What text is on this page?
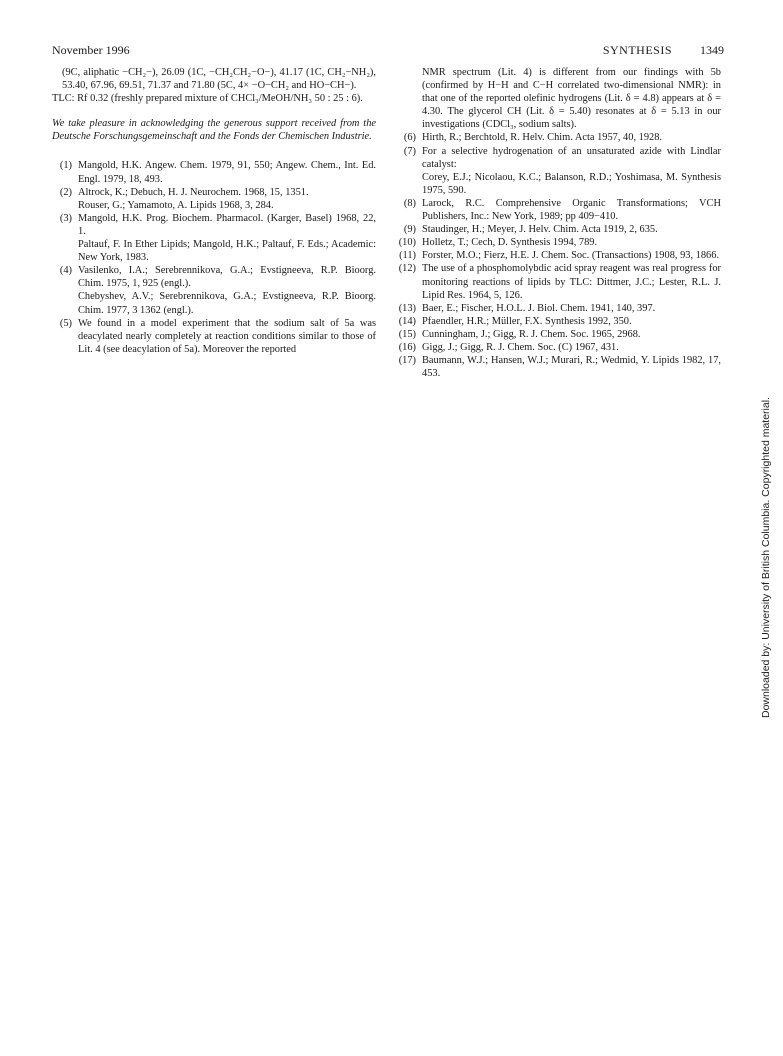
November 1996	SYNTHESIS 1349

(9C, aliphatic −CH₂−), 26.09 (1C, −CH₂CH₂−O−), 41.17 (1C, CH₂−NH₂), 53.40, 67.96, 69.51, 71.37 and 71.80 (5C, 4× −O−CH₂ and HO−CH−).

TLC: Rf 0.32 (freshly prepared mixture of CHCl₃/MeOH/NH₃ 50 : 25 : 6).

We take pleasure in acknowledging the generous support received from the Deutsche Forschungsgemeinschaft and the Fonds der Chemischen Industrie.

(1) Mangold, H.K. Angew. Chem. 1979, 91, 550; Angew. Chem., Int. Ed. Engl. 1979, 18, 493.
(2) Altrock, K.; Debuch, H. J. Neurochem. 1968, 15, 1351.

Rouser, G.; Yamamoto, A. Lipids 1968, 3, 284.

(3) Mangold, H.K. Prog. Biochem. Pharmacol. (Karger, Basel) 1968, 22, 1.

Paltauf, F. In Ether Lipids; Mangold, H.K.; Paltauf, F. Eds.; Academic: New York, 1983.

(4) Vasilenko, I.A.; Serebrennikova, G.A.; Evstigneeva, R.P. Bioorg. Chim. 1975, 1, 925 (engl.).

Chebyshev, A.V.; Serebrennikova, G.A.; Evstigneeva, R.P. Bioorg. Chim. 1977, 3 1362 (engl.).

(5) We found in a model experiment that the sodium salt of 5a was deacylated nearly completely at reaction conditions similar to those of Lit. 4 (see deacylation of 5a). Moreover the reported

NMR spectrum (Lit. 4) is different from our findings with 5b (confirmed by H−H and C−H correlated two-dimensional NMR): in that one of the reported olefinic hydrogens (Lit. δ = 4.8) appears at δ = 4.30. The glycerol CH (Lit. δ = 5.40) resonates at δ = 5.13 in our investigations (CDCl₃, sodium salts).

(6) Hirth, R.; Berchtold, R. Helv. Chim. Acta 1957, 40, 1928.
(7) For a selective hydrogenation of an unsaturated azide with Lindlar catalyst:

Corey, E.J.; Nicolaou, K.C.; Balanson, R.D.; Yoshimasa, M. Synthesis 1975, 590.

(8) Larock, R.C. Comprehensive Organic Transformations; VCH Publishers, Inc.: New York, 1989; pp 409−410.
(9) Staudinger, H.; Meyer, J. Helv. Chim. Acta 1919, 2, 635.
(10) Holletz, T.; Cech, D. Synthesis 1994, 789.
(11) Forster, M.O.; Fierz, H.E. J. Chem. Soc. (Transactions) 1908, 93, 1866.
(12) The use of a phosphomolybdic acid spray reagent was real progress for monitoring reactions of lipids by TLC: Dittmer, J.C.; Lester, R.L. J. Lipid Res. 1964, 5, 126.
(13) Baer, E.; Fischer, H.O.L. J. Biol. Chem. 1941, 140, 397.
(14) Pfaendler, H.R.; Müller, F.X. Synthesis 1992, 350.
(15) Cunningham, J.; Gigg, R. J. Chem. Soc. 1965, 2968.
(16) Gigg, J.; Gigg, R. J. Chem. Soc. (C) 1967, 431.
(17) Baumann, W.J.; Hansen, W.J.; Murari, R.; Wedmid, Y. Lipids 1982, 17, 453.
Downloaded by: University of British Columbia. Copyrighted material.
